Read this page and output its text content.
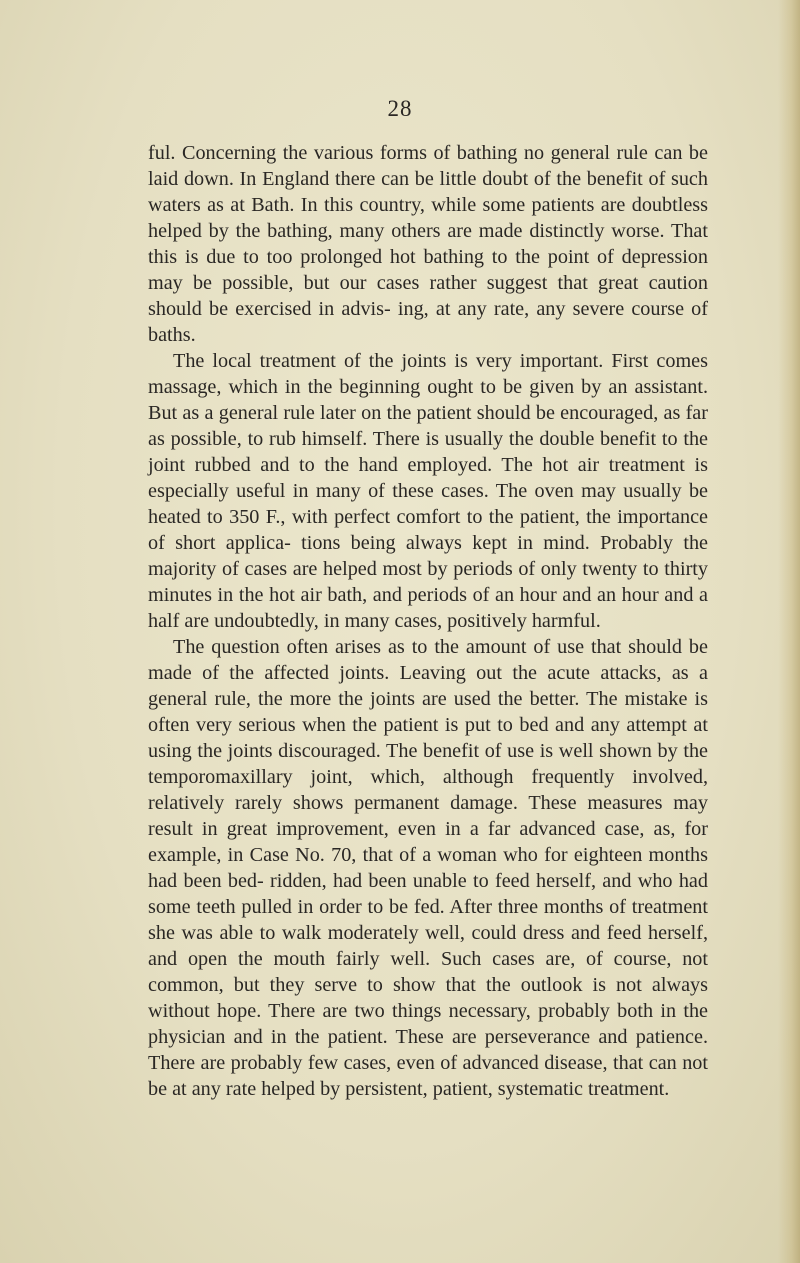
28

ful. Concerning the various forms of bathing no general rule can be laid down. In England there can be little doubt of the benefit of such waters as at Bath. In this country, while some patients are doubtless helped by the bathing, many others are made distinctly worse. That this is due to too prolonged hot bathing to the point of depression may be possible, but our cases rather suggest that great caution should be exercised in advis- ing, at any rate, any severe course of baths.

The local treatment of the joints is very important. First comes massage, which in the beginning ought to be given by an assistant. But as a general rule later on the patient should be encouraged, as far as possible, to rub himself. There is usually the double benefit to the joint rubbed and to the hand employed. The hot air treatment is especially useful in many of these cases. The oven may usually be heated to 350 F., with perfect comfort to the patient, the importance of short applica- tions being always kept in mind. Probably the majority of cases are helped most by periods of only twenty to thirty minutes in the hot air bath, and periods of an hour and an hour and a half are undoubtedly, in many cases, positively harmful.

The question often arises as to the amount of use that should be made of the affected joints. Leaving out the acute attacks, as a general rule, the more the joints are used the better. The mistake is often very serious when the patient is put to bed and any attempt at using the joints discouraged. The benefit of use is well shown by the temporomaxillary joint, which, although frequently involved, relatively rarely shows permanent damage. These measures may result in great improvement, even in a far advanced case, as, for example, in Case No. 70, that of a woman who for eighteen months had been bed- ridden, had been unable to feed herself, and who had some teeth pulled in order to be fed. After three months of treatment she was able to walk moderately well, could dress and feed herself, and open the mouth fairly well. Such cases are, of course, not common, but they serve to show that the outlook is not always without hope. There are two things necessary, probably both in the physician and in the patient. These are perseverance and patience. There are probably few cases, even of advanced disease, that can not be at any rate helped by persistent, patient, systematic treatment.
